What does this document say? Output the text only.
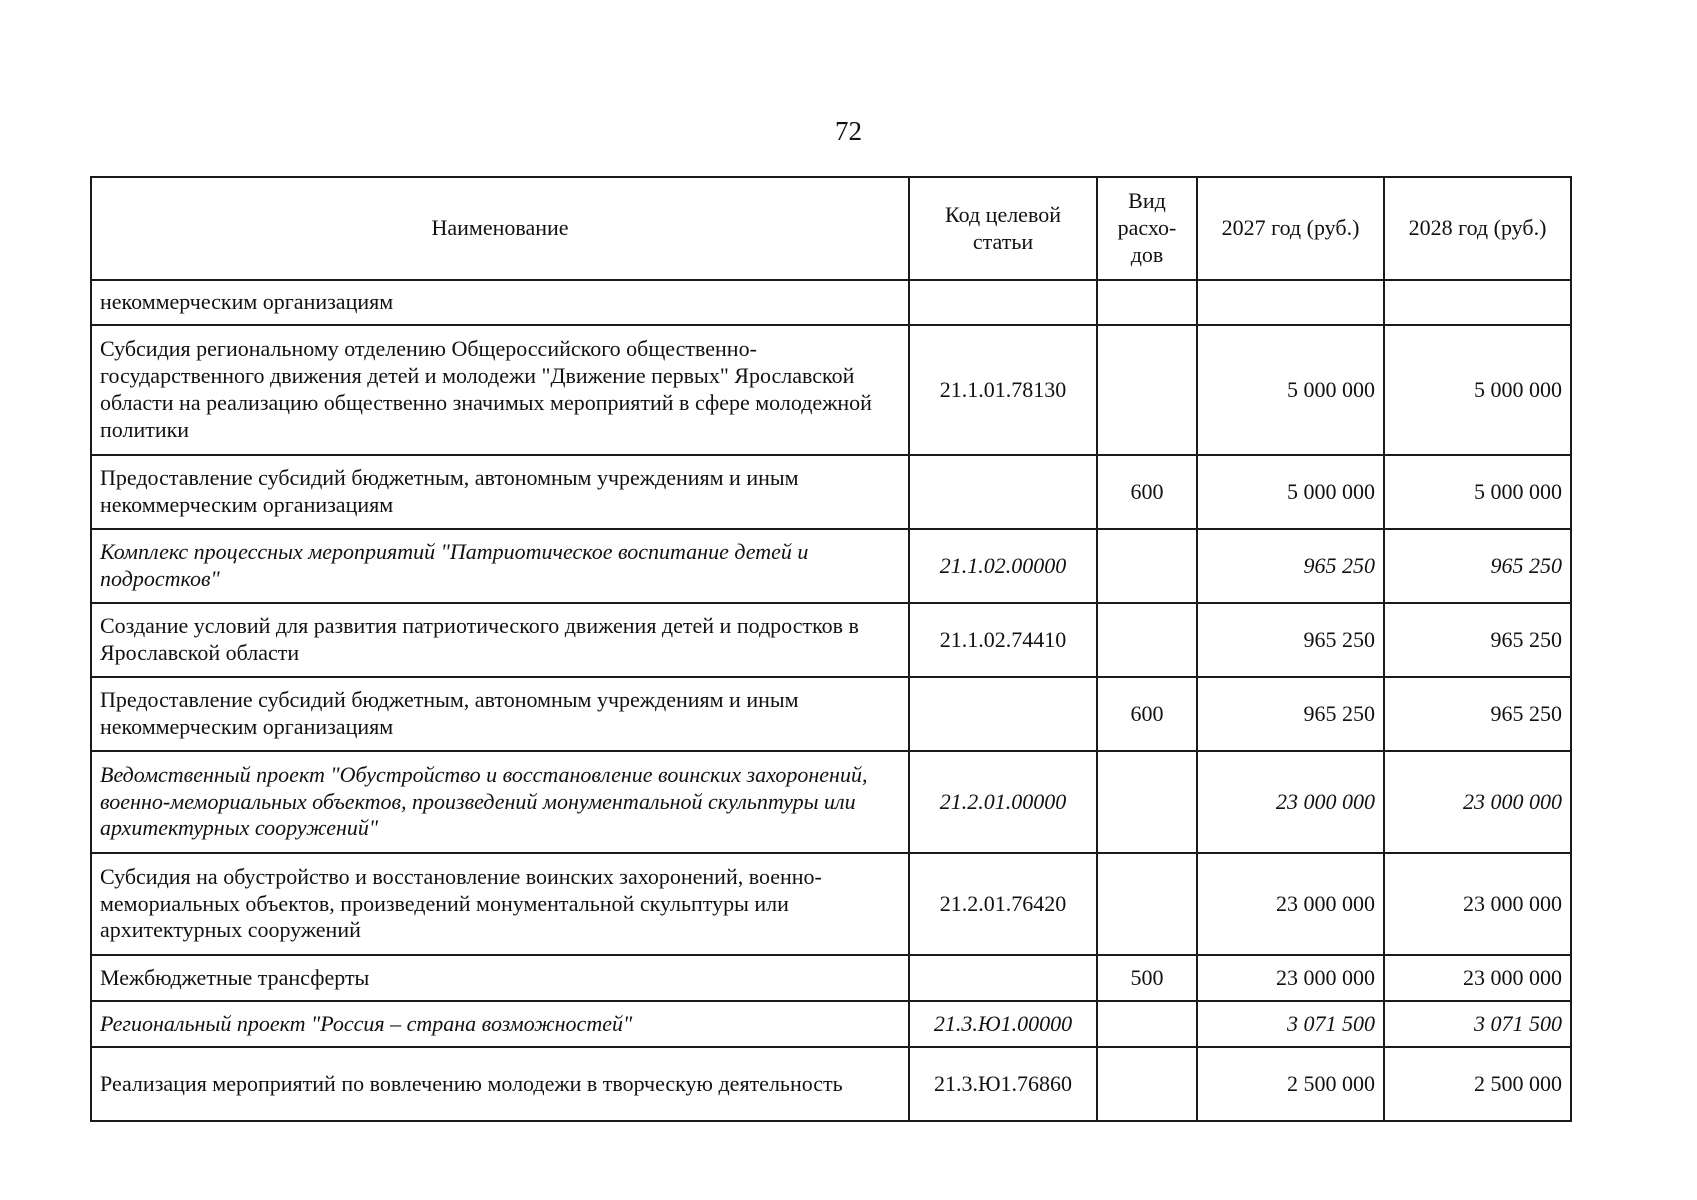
72
Наименование	Код целевой статьи	Вид расхо-дов	2027 год (руб.)	2028 год (руб.)
некоммерческим организациям				
Субсидия региональному отделению Общероссийского общественно-государственного движения детей и молодежи "Движение первых" Ярославской области на реализацию общественно значимых мероприятий в сфере молодежной политики	21.1.01.78130		5 000 000	5 000 000
Предоставление субсидий бюджетным, автономным учреждениям и иным некоммерческим организациям		600	5 000 000	5 000 000
Комплекс процессных мероприятий "Патриотическое воспитание детей и подростков"	21.1.02.00000		965 250	965 250
Создание условий для развития патриотического движения детей и подростков в Ярославской области	21.1.02.74410		965 250	965 250
Предоставление субсидий бюджетным, автономным учреждениям и иным некоммерческим организациям		600	965 250	965 250
Ведомственный проект "Обустройство и восстановление воинских захоронений, военно-мемориальных объектов, произведений монументальной скульптуры или архитектурных сооружений"	21.2.01.00000		23 000 000	23 000 000
Субсидия на обустройство и восстановление воинских захоронений, военно-мемориальных объектов, произведений монументальной скульптуры или архитектурных сооружений	21.2.01.76420		23 000 000	23 000 000
Межбюджетные трансферты		500	23 000 000	23 000 000
Региональный проект "Россия – страна возможностей"	21.3.Ю1.00000		3 071 500	3 071 500
Реализация мероприятий по вовлечению молодежи в творческую деятельность	21.3.Ю1.76860		2 500 000	2 500 000
